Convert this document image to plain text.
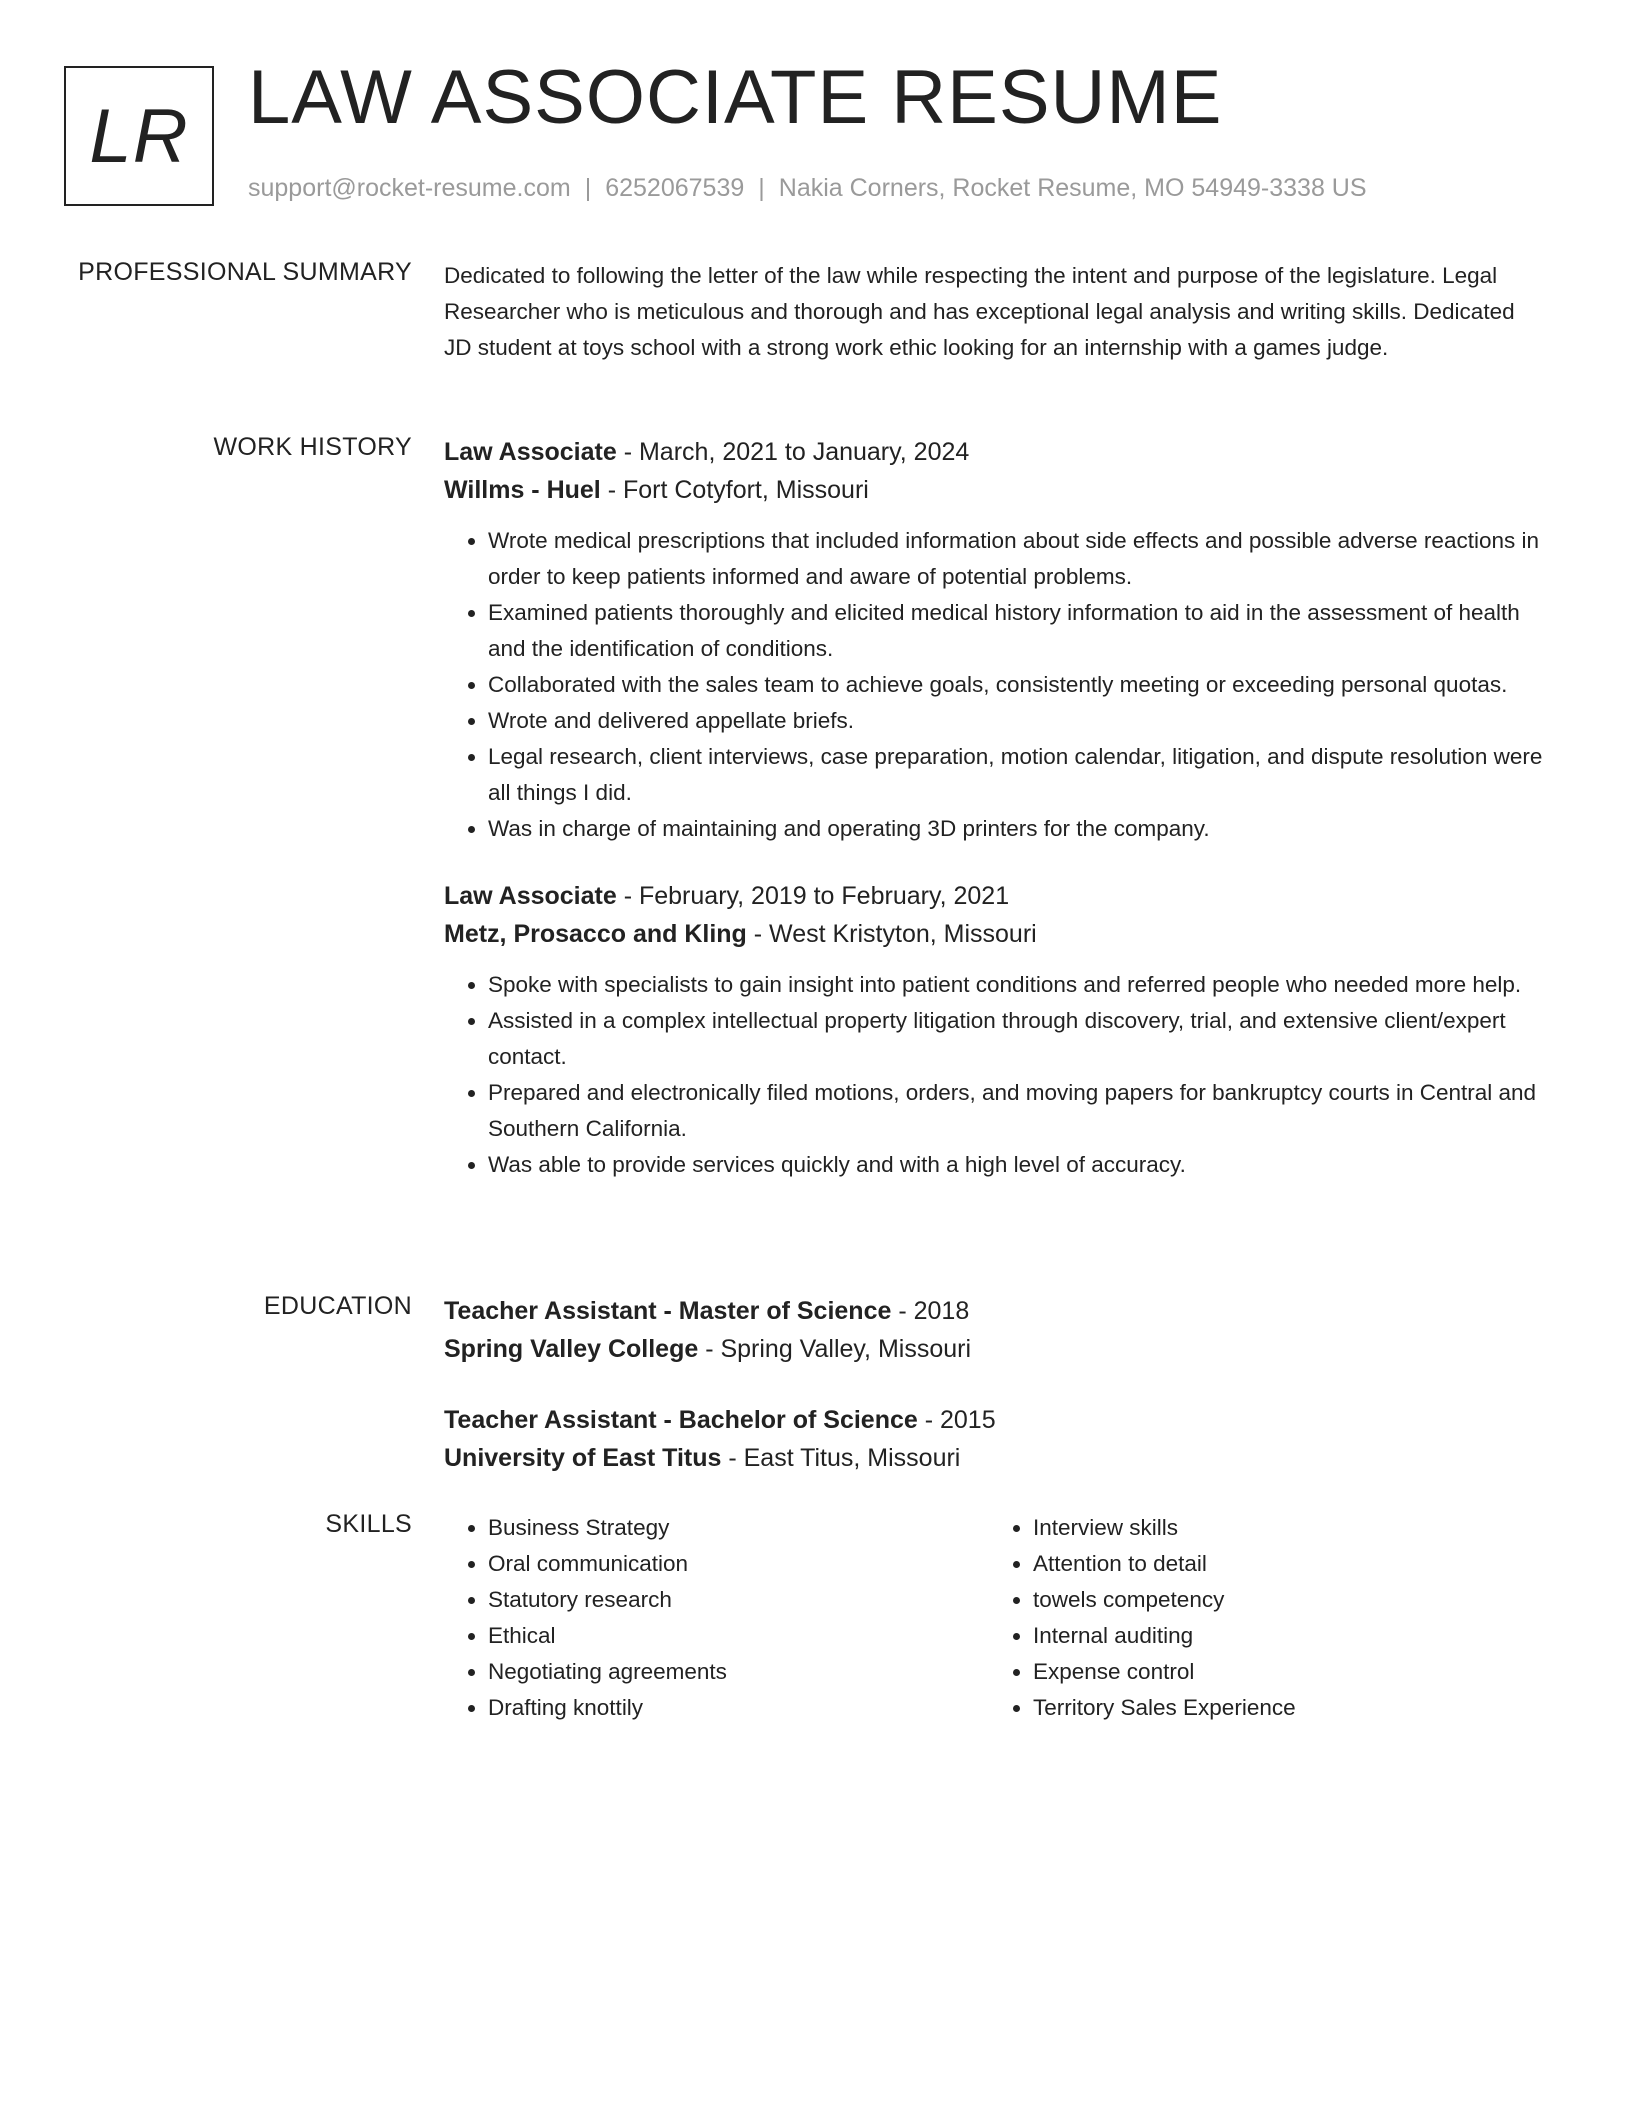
LR LAW ASSOCIATE RESUME
support@rocket-resume.com | 6252067539 | Nakia Corners, Rocket Resume, MO 54949-3338 US
PROFESSIONAL SUMMARY Dedicated to following the letter of the law while respecting the intent and purpose of the legislature. Legal Researcher who is meticulous and thorough and has exceptional legal analysis and writing skills. Dedicated JD student at toys school with a strong work ethic looking for an internship with a games judge.

WORK HISTORY Law Associate - March, 2021 to January, 2024
Willms - Huel - Fort Cotyfort, Missouri
• Wrote medical prescriptions that included information about side effects and possible adverse reactions in order to keep patients informed and aware of potential problems.
• Examined patients thoroughly and elicited medical history information to aid in the assessment of health and the identification of conditions.
• Collaborated with the sales team to achieve goals, consistently meeting or exceeding personal quotas.
• Wrote and delivered appellate briefs.
• Legal research, client interviews, case preparation, motion calendar, litigation, and dispute resolution were all things I did.
• Was in charge of maintaining and operating 3D printers for the company.
Law Associate - February, 2019 to February, 2021
Metz, Prosacco and Kling - West Kristyton, Missouri
• Spoke with specialists to gain insight into patient conditions and referred people who needed more help.
• Assisted in a complex intellectual property litigation through discovery, trial, and extensive client/expert contact.
• Prepared and electronically filed motions, orders, and moving papers for bankruptcy courts in Central and Southern California.
• Was able to provide services quickly and with a high level of accuracy.
EDUCATION Teacher Assistant - Master of Science - 2018
Spring Valley College - Spring Valley, Missouri
Teacher Assistant - Bachelor of Science - 2015
University of East Titus - East Titus, Missouri
SKILLS
•	Business Strategy
• Oral communication
• Statutory research
• Ethical
• Negotiating agreements
• Drafting knottily
• Interview skills
• Attention to detail
• towels competency
• Internal auditing
• Expense control
• Territory Sales Experience
